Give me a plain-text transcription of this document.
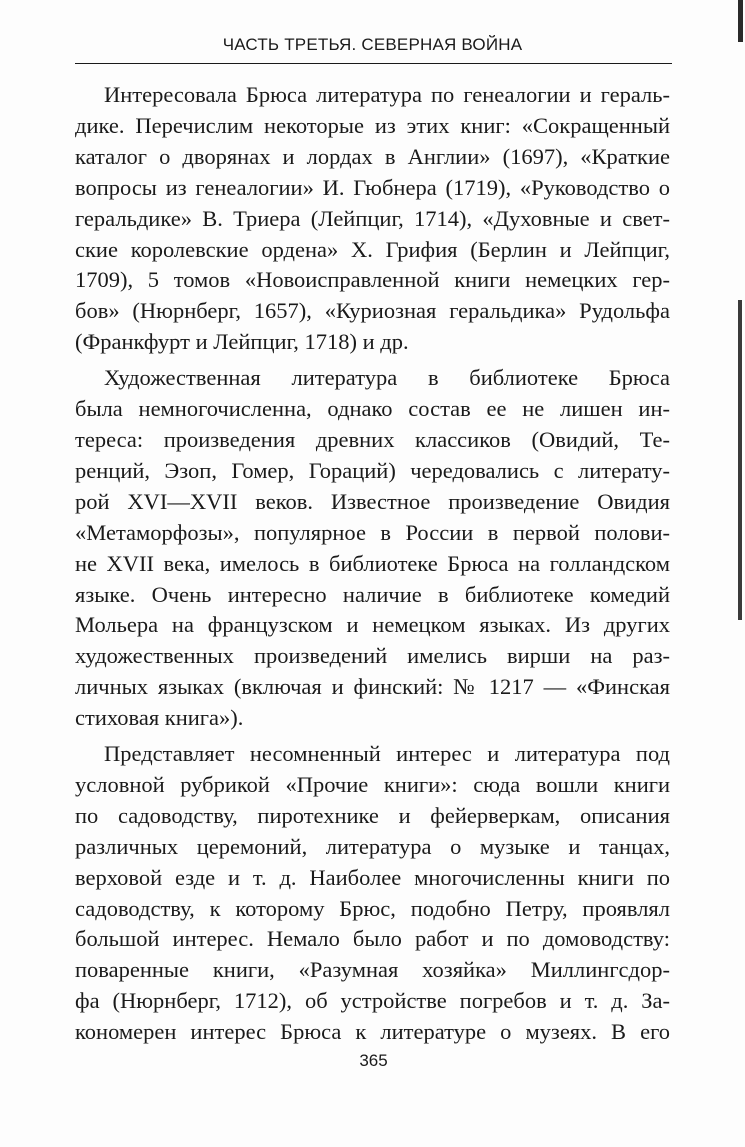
ЧАСТЬ ТРЕТЬЯ. СЕВЕРНАЯ ВОЙНА

Интересовала Брюса литература по генеалогии и гераль-
дике. Перечислим некоторые из этих книг: «Сокращенный
каталог о дворянах и лордах в Англии» (1697), «Краткие
вопросы из генеалогии» И. Гюбнера (1719), «Руководство о
геральдике» В. Триера (Лейпциг, 1714), «Духовные и свет-
ские королевские ордена» Х. Грифия (Берлин и Лейпциг,
1709), 5 томов «Новоисправленной книги немецких гер-
бов» (Нюрнберг, 1657), «Куриозная геральдика» Рудольфа
(Франкфурт и Лейпциг, 1718) и др.

Художественная литература в библиотеке Брюса
была немногочисленна, однако состав ее не лишен ин-
тереса: произведения древних классиков (Овидий, Те-
ренций, Эзоп, Гомер, Гораций) чередовались с литерату-
рой XVI—XVII веков. Известное произведение Овидия
«Метаморфозы», популярное в России в первой полови-
не XVII века, имелось в библиотеке Брюса на голландском
языке. Очень интересно наличие в библиотеке комедий
Мольера на французском и немецком языках. Из других
художественных произведений имелись вирши на раз-
личных языках (включая и финский: № 1217 — «Финская
стиховая книга»).

Представляет несомненный интерес и литература под
условной рубрикой «Прочие книги»: сюда вошли книги
по садоводству, пиротехнике и фейерверкам, описания
различных церемоний, литература о музыке и танцах,
верховой езде и т. д. Наиболее многочисленны книги по
садоводству, к которому Брюс, подобно Петру, проявлял
большой интерес. Немало было работ и по домоводству:
поваренные книги, «Разумная хозяйка» Миллингсдор-
фа (Нюрнберг, 1712), об устройстве погребов и т. д. За-
кономерен интерес Брюса к литературе о музеях. В его

365
